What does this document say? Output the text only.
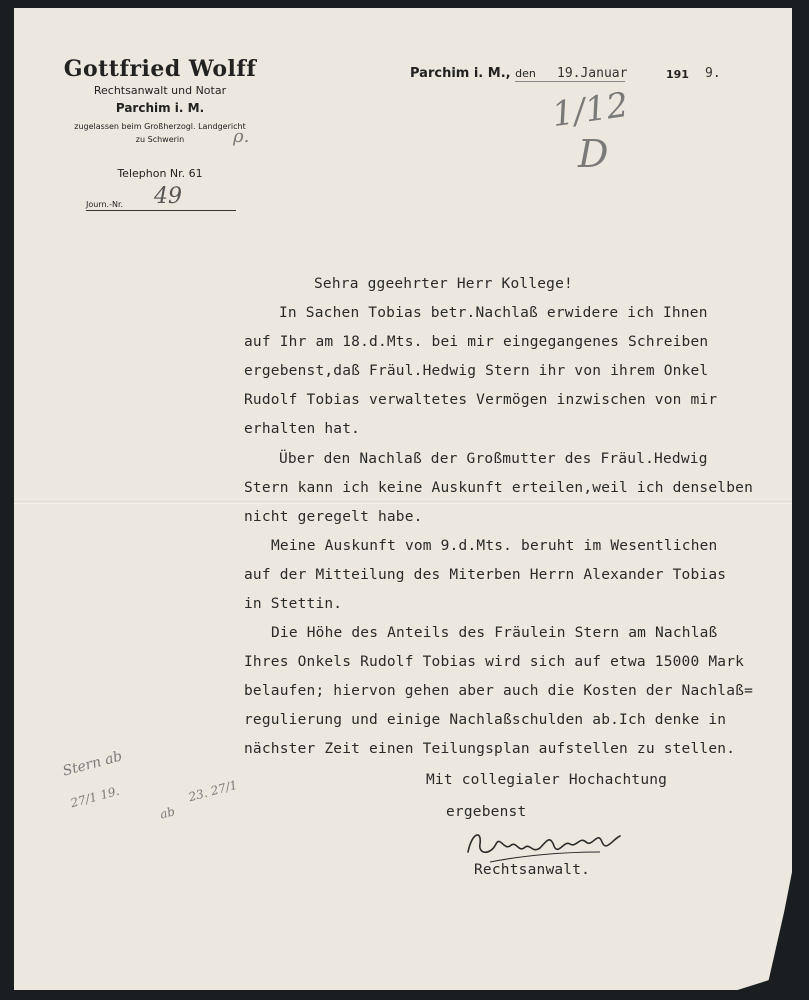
Gottfried Wolff
Rechtsanwalt und Notar
Parchim i. M.
zugelassen beim Großherzogl. Landgericht
zu Schwerin
Telephon Nr. 61
Journ.-Nr. 49
Parchim i. M., den	19.Januar	191 9.
1/12
D
ρ.
Stern ab
27/1 19.
ab
23. 27/1
Sehra ggeehrter Herr Kollege!
In Sachen Tobias betr.Nachlaß erwidere ich Ihnen
auf Ihr am 18.d.Mts. bei mir eingegangenes Schreiben
ergebenst,daß Fräul.Hedwig Stern ihr von ihrem Onkel
Rudolf Tobias verwaltetes Vermögen inzwischen von mir
erhalten hat.
Über den Nachlaß der Großmutter des Fräul.Hedwig
Stern kann ich keine Auskunft erteilen,weil ich denselben
nicht geregelt habe.
Meine Auskunft vom 9.d.Mts. beruht im Wesentlichen
auf der Mitteilung des Miterben Herrn Alexander Tobias
in Stettin.
Die Höhe des Anteils des Fräulein Stern am Nachlaß
Ihres Onkels Rudolf Tobias wird sich auf etwa 15000 Mark
belaufen; hiervon gehen aber auch die Kosten der Nachlaß=
regulierung und einige Nachlaßschulden ab.Ich denke in
nächster Zeit einen Teilungsplan aufstellen zu stellen.
Mit collegialer Hochachtung
ergebenst
Rechtsanwalt.
